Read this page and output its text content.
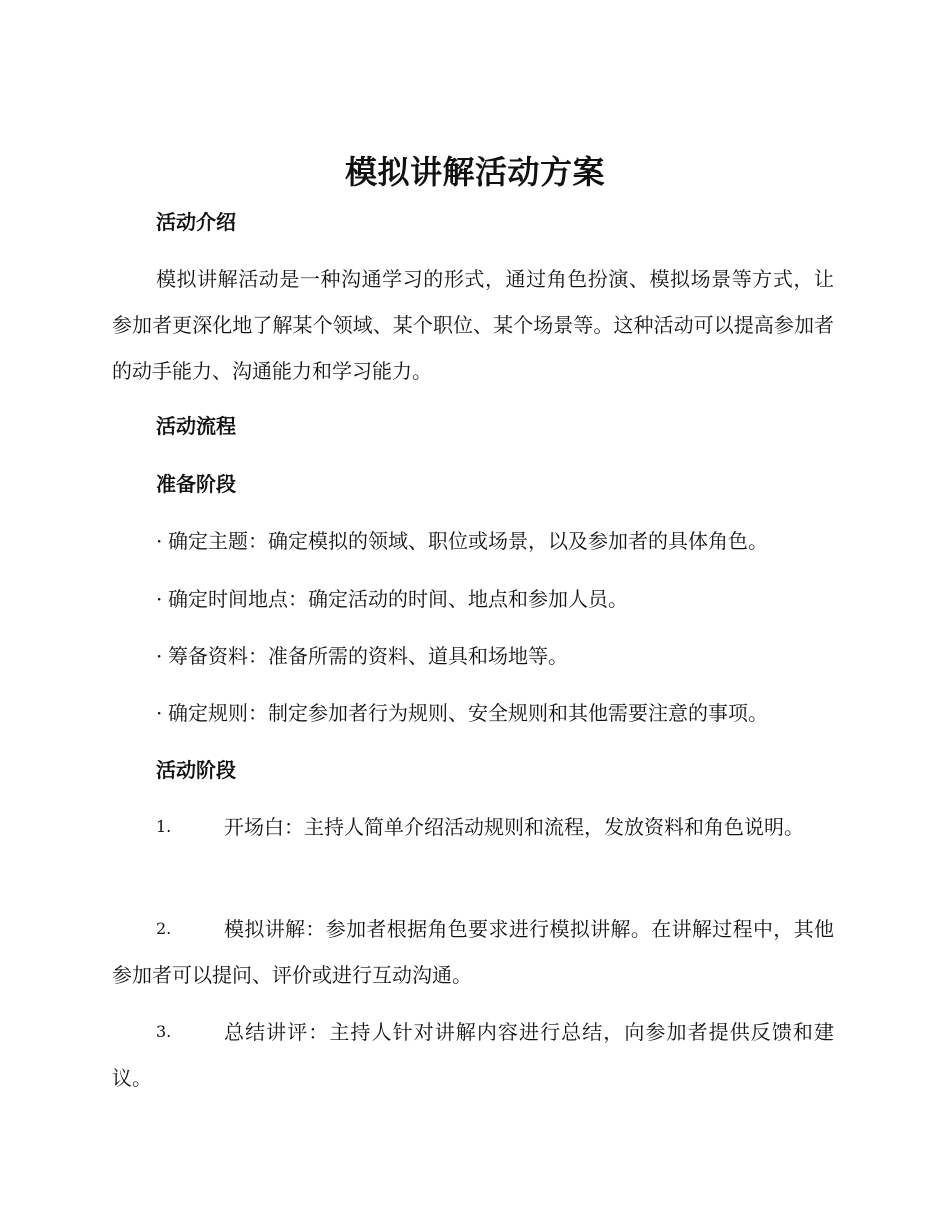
模拟讲解活动方案
活动介绍
模拟讲解活动是一种沟通学习的形式，通过角色扮演、模拟场景等方式，让参加者更深化地了解某个领域、某个职位、某个场景等。这种活动可以提高参加者的动手能力、沟通能力和学习能力。
活动流程
准备阶段
· 确定主题：确定模拟的领域、职位或场景，以及参加者的具体角色。
· 确定时间地点：确定活动的时间、地点和参加人员。
· 筹备资料：准备所需的资料、道具和场地等。
· 确定规则：制定参加者行为规则、安全规则和其他需要注意的事项。
活动阶段
1.	开场白：主持人简单介绍活动规则和流程，发放资料和角色说明。
2.	模拟讲解：参加者根据角色要求进行模拟讲解。在讲解过程中，其他参加者可以提问、评价或进行互动沟通。
3.	总结讲评：主持人针对讲解内容进行总结，向参加者提供反馈和建议。
